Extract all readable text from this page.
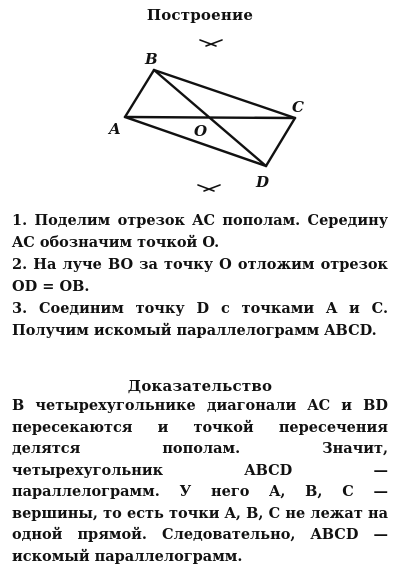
Построение
B
A	O
C
D
1. Поделим отрезок AC пополам. Середину AC обозначим точкой O.
2. На луче BO за точку O отложим отрезок OD = OB.
3. Соединим точку D с точками A и C. Получим искомый параллелограмм ABCD.
Доказательство
В четырехугольнике диагонали AC и BD пересекаются и точкой пересечения делятся пополам. Значит, четырехугольник ABCD — параллелограмм. У него A, B, C — вершины, то есть точки A, B, C не лежат на одной прямой. Следовательно, ABCD — искомый параллелограмм.
